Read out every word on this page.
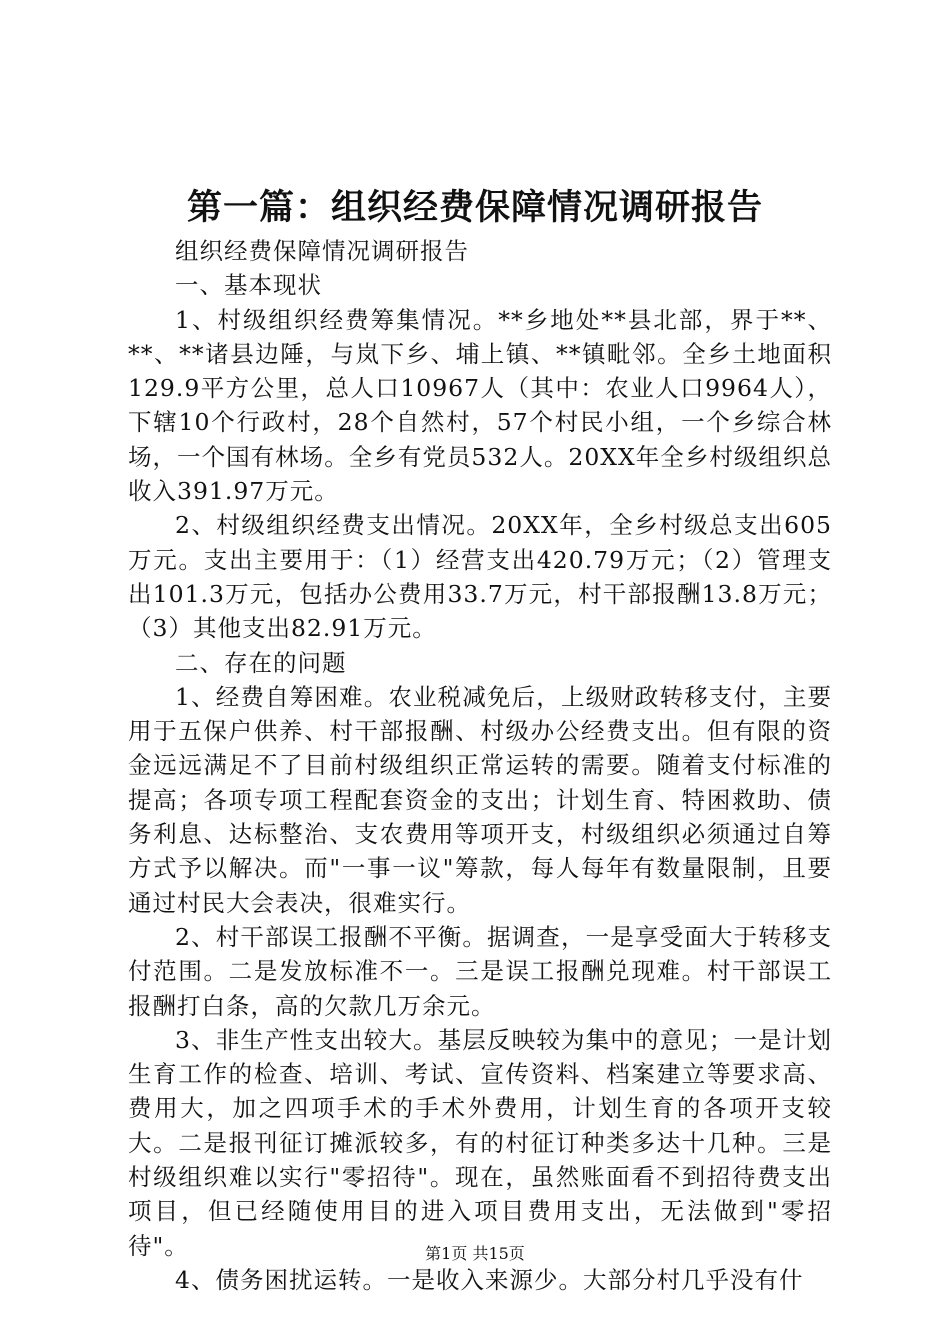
第一篇：组织经费保障情况调研报告

组织经费保障情况调研报告

一、基本现状

1、村级组织经费筹集情况。**乡地处**县北部，界于**、**、**诸县边陲，与岚下乡、埔上镇、**镇毗邻。全乡土地面积129.9平方公里，总人口10967人（其中：农业人口9964人），下辖10个行政村，28个自然村，57个村民小组，一个乡综合林场，一个国有林场。全乡有党员532人。20XX年全乡村级组织总收入391.97万元。

2、村级组织经费支出情况。20XX年，全乡村级总支出605万元。支出主要用于：（1）经营支出420.79万元；（2）管理支出101.3万元，包括办公费用33.7万元，村干部报酬13.8万元；（3）其他支出82.91万元。

二、存在的问题

1、经费自筹困难。农业税减免后，上级财政转移支付，主要用于五保户供养、村干部报酬、村级办公经费支出。但有限的资金远远满足不了目前村级组织正常运转的需要。随着支付标准的提高；各项专项工程配套资金的支出；计划生育、特困救助、债务利息、达标整治、支农费用等项开支，村级组织必须通过自筹方式予以解决。而"一事一议"筹款，每人每年有数量限制，且要通过村民大会表决，很难实行。

2、村干部误工报酬不平衡。据调查，一是享受面大于转移支付范围。二是发放标准不一。三是误工报酬兑现难。村干部误工报酬打白条，高的欠款几万余元。

3、非生产性支出较大。基层反映较为集中的意见；一是计划生育工作的检查、培训、考试、宣传资料、档案建立等要求高、费用大，加之四项手术的手术外费用，计划生育的各项开支较大。二是报刊征订摊派较多，有的村征订种类多达十几种。三是村级组织难以实行"零招待"。现在，虽然账面看不到招待费支出项目，但已经随使用目的进入项目费用支出，无法做到"零招待"。

4、债务困扰运转。一是收入来源少。大部分村几乎没有什

第1页 共15页
